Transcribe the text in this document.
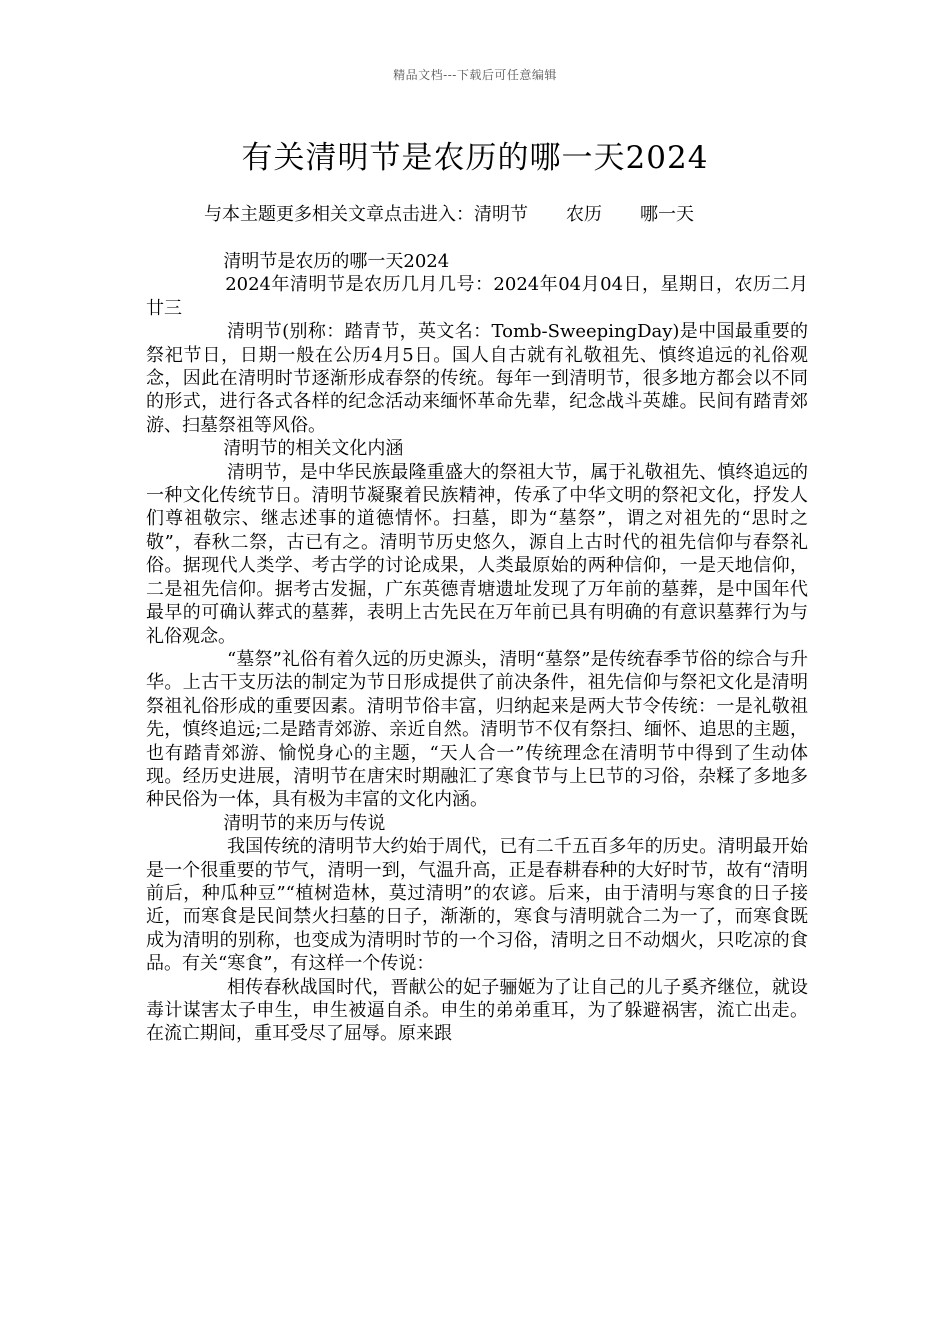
精品文档---下载后可任意编辑
有关清明节是农历的哪一天2024
与本主题更多相关文章点击进入：清明节 农历 哪一天

清明节是农历的哪一天2024

2024年清明节是农历几月几号：2024年04月04日，星期日，农历二月廿三

清明节(别称：踏青节，英文名：Tomb-SweepingDay)是中国最重要的祭祀节日，日期一般在公历4月5日。国人自古就有礼敬祖先、慎终追远的礼俗观念，因此在清明时节逐渐形成春祭的传统。每年一到清明节，很多地方都会以不同的形式，进行各式各样的纪念活动来缅怀革命先辈，纪念战斗英雄。民间有踏青郊游、扫墓祭祖等风俗。

清明节的相关文化内涵

清明节，是中华民族最隆重盛大的祭祖大节，属于礼敬祖先、慎终追远的一种文化传统节日。清明节凝聚着民族精神，传承了中华文明的祭祀文化，抒发人们尊祖敬宗、继志述事的道德情怀。扫墓，即为“墓祭”，谓之对祖先的“思时之敬”，春秋二祭，古已有之。清明节历史悠久，源自上古时代的祖先信仰与春祭礼俗。据现代人类学、考古学的讨论成果，人类最原始的两种信仰，一是天地信仰，二是祖先信仰。据考古发掘，广东英德青塘遗址发现了万年前的墓葬，是中国年代最早的可确认葬式的墓葬，表明上古先民在万年前已具有明确的有意识墓葬行为与礼俗观念。

“墓祭”礼俗有着久远的历史源头，清明“墓祭”是传统春季节俗的综合与升华。上古干支历法的制定为节日形成提供了前决条件，祖先信仰与祭祀文化是清明祭祖礼俗形成的重要因素。清明节俗丰富，归纳起来是两大节令传统：一是礼敬祖先，慎终追远;二是踏青郊游、亲近自然。清明节不仅有祭扫、缅怀、追思的主题，也有踏青郊游、愉悦身心的主题，“天人合一”传统理念在清明节中得到了生动体现。经历史进展，清明节在唐宋时期融汇了寒食节与上巳节的习俗，杂糅了多地多种民俗为一体，具有极为丰富的文化内涵。

清明节的来历与传说

我国传统的清明节大约始于周代，已有二千五百多年的历史。清明最开始是一个很重要的节气，清明一到，气温升高，正是春耕春种的大好时节，故有“清明前后，种瓜种豆”“植树造林，莫过清明”的农谚。后来，由于清明与寒食的日子接近，而寒食是民间禁火扫墓的日子，渐渐的，寒食与清明就合二为一了，而寒食既成为清明的别称，也变成为清明时节的一个习俗，清明之日不动烟火，只吃凉的食品。有关“寒食”，有这样一个传说：

相传春秋战国时代，晋献公的妃子骊姬为了让自己的儿子奚齐继位，就设毒计谋害太子申生，申生被逼自杀。申生的弟弟重耳，为了躲避祸害，流亡出走。在流亡期间，重耳受尽了屈辱。原来跟
